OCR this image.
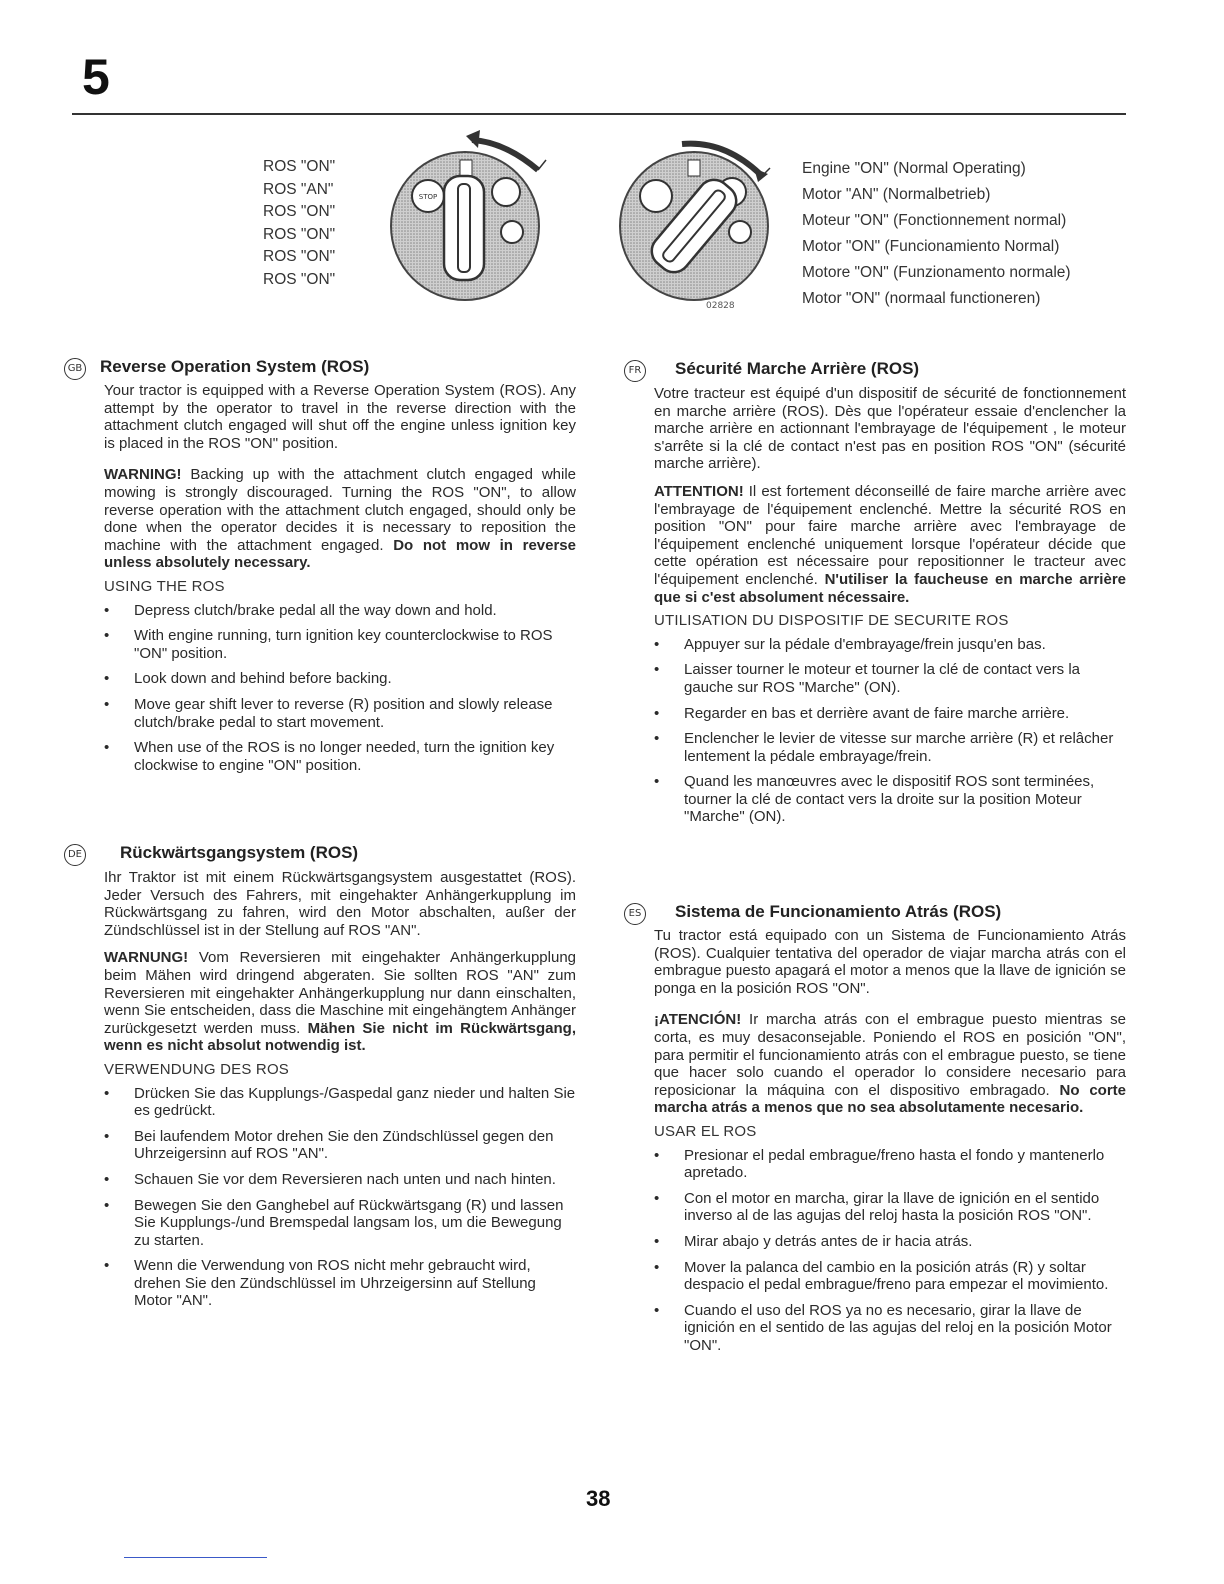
5
ROS "ON"
ROS "AN"
ROS "ON"
ROS "ON"
ROS "ON"
ROS "ON"
STOP
02828
Engine "ON" (Normal Operating)
Motor "AN" (Normalbetrieb)
Moteur "ON" (Fonctionnement normal)
Motor "ON" (Funcionamiento Normal)
Motore "ON" (Funzionamento normale)
Motor "ON" (normaal functioneren)
GB Reverse Operation System (ROS)

Your tractor is equipped with a Reverse Operation System (ROS). Any attempt by the operator to travel in the reverse direction with the attachment clutch engaged will shut off the engine unless ignition key is placed in the ROS "ON" position.

WARNING! Backing up with the attachment clutch engaged while mowing is strongly discouraged. Turning the ROS "ON", to allow reverse operation with the attachment clutch engaged, should only be done when the operator decides it is necessary to reposition the machine with the attachment engaged. Do not mow in reverse unless absolutely necessary.

USING THE ROS
• Depress clutch/brake pedal all the way down and hold.
• With engine running, turn ignition key counterclockwise to ROS "ON" position.
• Look down and behind before backing.
• Move gear shift lever to reverse (R) position and slowly release clutch/brake pedal to start movement.
• When use of the ROS is no longer needed, turn the ignition key clockwise to engine "ON" position.
DE Rückwärtsgangsystem (ROS)

Ihr Traktor ist mit einem Rückwärtsgangsystem ausgestattet (ROS). Jeder Versuch des Fahrers, mit eingehakter Anhängerkupplung im Rückwärtsgang zu fahren, wird den Motor abschalten, außer der Zündschlüssel ist in der Stellung auf ROS "AN".

WARNUNG! Vom Reversieren mit eingehakter Anhängerkupplung beim Mähen wird dringend abgeraten. Sie sollten ROS "AN" zum Reversieren mit eingehakter Anhängerkupplung nur dann einschalten, wenn Sie entscheiden, dass die Maschine mit eingehängtem Anhänger zurückgesetzt werden muss. Mähen Sie nicht im Rückwärtsgang, wenn es nicht absolut notwendig ist.

VERWENDUNG DES ROS
• Drücken Sie das Kupplungs-/Gaspedal ganz nieder und halten Sie es gedrückt.
• Bei laufendem Motor drehen Sie den Zündschlüssel gegen den Uhrzeigersinn auf ROS "AN".
• Schauen Sie vor dem Reversieren nach unten und nach hinten.
• Bewegen Sie den Ganghebel auf Rückwärtsgang (R) und lassen Sie Kupplungs-/und Bremspedal langsam los, um die Bewegung zu starten.
• Wenn die Verwendung von ROS nicht mehr gebraucht wird, drehen Sie den Zündschlüssel im Uhrzeigersinn auf Stellung Motor "AN".
FR Sécurité Marche Arrière (ROS)

Votre tracteur est équipé d'un dispositif de sécurité de fonctionnement en marche arrière (ROS). Dès que l'opérateur essaie d'enclencher la marche arrière en actionnant l'embrayage de l'équipement , le moteur s'arrête si la clé de contact n'est pas en position ROS "ON" (sécurité marche arrière).

ATTENTION! Il est fortement déconseillé de faire marche arrière avec l'embrayage de l'équipement enclenché. Mettre la sécurité ROS en position "ON" pour faire marche arrière avec l'embrayage de l'équipement enclenché uniquement lorsque l'opérateur décide que cette opération est nécessaire pour repositionner le tracteur avec l'équipement enclenché. N'utiliser la faucheuse en marche arrière que si c'est absolument nécessaire.

UTILISATION DU DISPOSITIF DE SECURITE ROS
• Appuyer sur la pédale d'embrayage/frein jusqu'en bas.
• Laisser tourner le moteur et tourner la clé de contact vers la gauche sur ROS "Marche" (ON).
• Regarder en bas et derrière avant de faire marche arrière.
• Enclencher le levier de vitesse sur marche arrière (R) et relâcher lentement la pédale embrayage/frein.
• Quand les manœuvres avec le dispositif ROS sont terminées, tourner la clé de contact vers la droite sur la position Moteur "Marche" (ON).
ES Sistema de Funcionamiento Atrás (ROS)

Tu tractor está equipado con un Sistema de Funcionamiento Atrás (ROS). Cualquier tentativa del operador de viajar marcha atrás con el embrague puesto apagará el motor a menos que la llave de ignición se ponga en la posición ROS "ON".

¡ATENCIÓN! Ir marcha atrás con el embrague puesto mientras se corta, es muy desaconsejable. Poniendo el ROS en posición "ON", para permitir el funcionamiento atrás con el embrague puesto, se tiene que hacer solo cuando el operador lo considere necesario para reposicionar la máquina con el dispositivo embragado. No corte marcha atrás a menos que no sea absolutamente necesario.

USAR EL ROS
• Presionar el pedal embrague/freno hasta el fondo y mantenerlo apretado.
• Con el motor en marcha, girar la llave de ignición en el sentido inverso al de las agujas del reloj hasta la posición ROS "ON".
• Mirar abajo y detrás antes de ir hacia atrás.
• Mover la palanca del cambio en la posición atrás (R) y soltar despacio el pedal embrague/freno para empezar el movimiento.
• Cuando el uso del ROS ya no es necesario, girar la llave de ignición en el sentido de las agujas del reloj en la posición Motor "ON".
38
